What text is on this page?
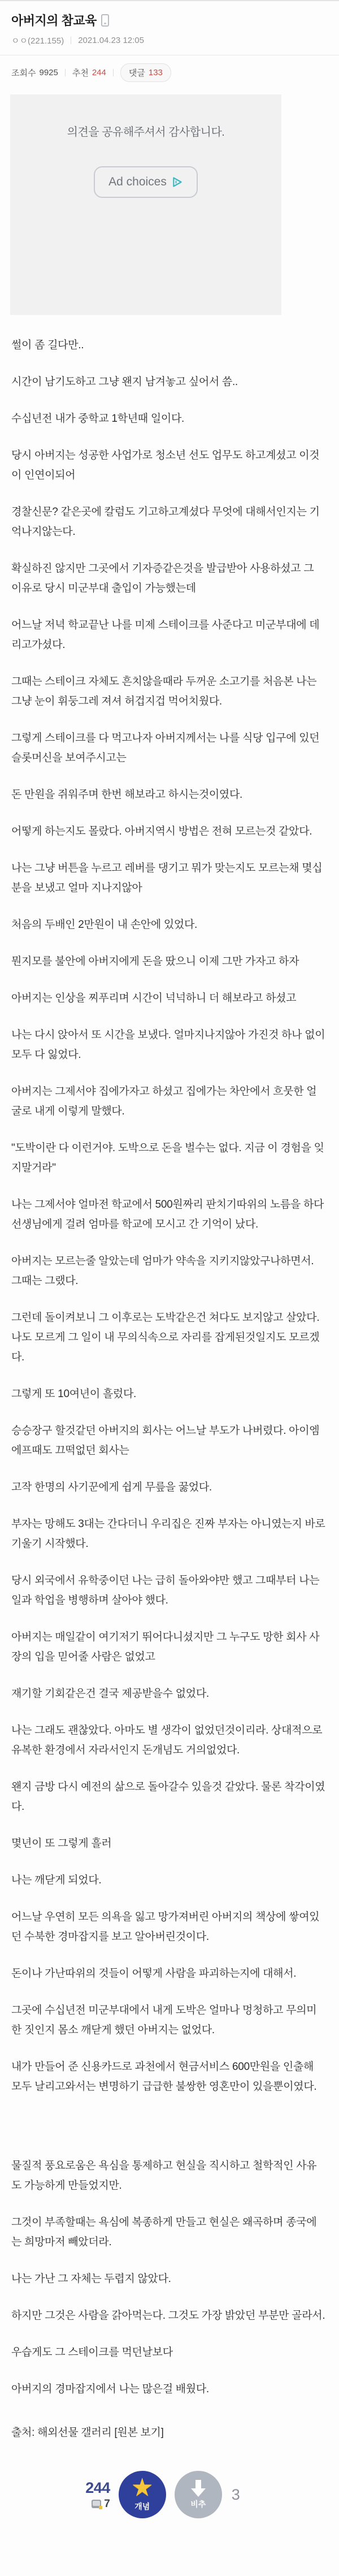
아버지의 참교육
ㅇㅇ(221.155) 2021.04.23 12:05
조회수 9925 추천 244	댓글 133

의견을 공유해주셔서 감사합니다.

Ad choices

썰이 좀 길다만..

시간이 남기도하고 그냥 왠지 남겨놓고 싶어서 씀..

수십년전 내가 중학교 1학년때 일이다.

당시 아버지는 성공한 사업가로 청소년 선도 업무도 하고계셨고 이것이 인연이되어

경찰신문? 같은곳에 칼럼도 기고하고계셨다 무엇에 대해서인지는 기억나지않는다.

확실하진 않지만 그곳에서 기자증같은것을 발급받아 사용하셨고 그 이유로 당시 미군부대 출입이 가능했는데

어느날 저녁 학교끝난 나를 미제 스테이크를 사준다고 미군부대에 데리고가셨다.

그때는 스테이크 자체도 흔치않을때라 두꺼운 소고기를 처음본 나는 그냥 눈이 휘둥그레 져셔 허겁지겁 먹어치웠다.

그렇게 스테이크를 다 먹고나자 아버지께서는 나를 식당 입구에 있던 슬롯머신을 보여주시고는

돈 만원을 쥐워주며 한번 해보라고 하시는것이였다.

어떻게 하는지도 몰랐다. 아버지역시 방법은 전혀 모르는것 같았다.

나는 그냥 버튼을 누르고 레버를 댕기고 뭐가 맞는지도 모르는채 몇십분을 보냈고 얼마 지나지않아

처음의 두배인 2만원이 내 손안에 있었다.

뭔지모를 불안에 아버지에게 돈을 땄으니 이제 그만 가자고 하자

아버지는 인상을 찌푸리며 시간이 넉넉하니 더 해보라고 하셨고

나는 다시 앉아서 또 시간을 보냈다. 얼마지나지않아 가진것 하나 없이 모두 다 잃었다.

아버지는 그제서야 집에가자고 하셨고 집에가는 차안에서 흐뭇한 얼굴로 내게 이렇게 말했다.

"도박이란 다 이런거야. 도박으로 돈을 벌수는 없다. 지금 이 경험을 잊지말거라"

나는 그제서야 얼마전 학교에서 500원짜리 판치기따위의 노름을 하다 선생님에게 걸려 엄마를 학교에 모시고 간 기억이 났다.

아버지는 모르는줄 알았는데 엄마가 약속을 지키지않았구나하면서. 그때는 그랬다.

그런데 돌이켜보니 그 이후로는 도박같은건 쳐다도 보지않고 살았다. 나도 모르게 그 일이 내 무의식속으로 자리를 잡게된것일지도 모르겠다.

그렇게 또 10여년이 흘렀다.

승승장구 할것같던 아버지의 회사는 어느날 부도가 나버렸다. 아이엠에프때도 끄떡없던 회사는

고작 한명의 사기꾼에게 쉽게 무릎을 꿇었다.

부자는 망해도 3대는 간다더니 우리집은 진짜 부자는 아니였는지 바로 기울기 시작했다.

당시 외국에서 유학중이던 나는 급히 돌아와야만 했고 그때부터 나는 일과 학업을 병행하며 살아야 했다.

아버지는 매일같이 여기저기 뛰어다니셨지만 그 누구도 망한 회사 사장의 입을 믿어줄 사람은 없었고

재기할 기회같은건 결국 제공받을수 없었다.

나는 그래도 괜찮았다. 아마도 별 생각이 없었던것이리라. 상대적으로 유복한 환경에서 자라서인지 돈개념도 거의없었다.

왠지 금방 다시 예전의 삶으로 돌아갈수 있을것 같았다. 물론 착각이였다.

몇년이 또 그렇게 흘러

나는 깨닫게 되었다.

어느날 우연히 모든 의욕을 잃고 망가져버린 아버지의 책상에 쌓여있던 수북한 경마잡지를 보고 알아버린것이다.

돈이나 가난따위의 것들이 어떻게 사람을 파괴하는지에 대해서.

그곳에 수십년전 미군부대에서 내게 도박은 얼마나 멍청하고 무의미한 짓인지 몸소 깨닫게 했던 아버지는 없었다.

내가 만들어 준 신용카드로 과천에서 현금서비스 600만원을 인출해 모두 날리고와서는 변명하기 급급한 불쌍한 영혼만이 있을뿐이였다.

물질적 풍요로움은 욕심을 통제하고 현실을 직시하고 철학적인 사유도 가능하게 만들었지만.

그것이 부족할때는 욕심에 복종하게 만들고 현실은 왜곡하며 종국에는 희망마저 빼았더라.

나는 가난 그 자체는 두렵지 않았다.

하지만 그것은 사람을 갉아먹는다. 그것도 가장 밝았던 부분만 골라서.

우습게도 그 스테이크를 먹던날보다

아버지의 경마잡지에서 나는 많은걸 배웠다.

출처: 해외선물 갤러리 [원본 보기]

244
7
★
개념	비추
3
